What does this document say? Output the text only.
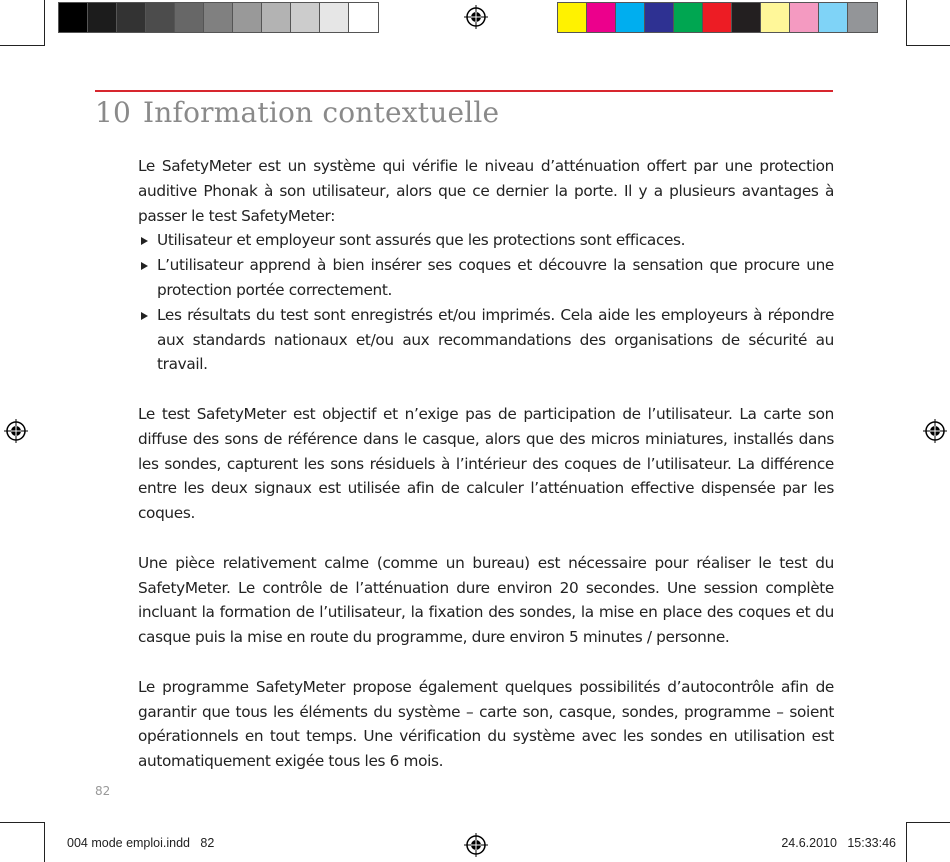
10 Information contextuelle

Le SafetyMeter est un système qui vérifie le niveau d’atténuation offert par une protection auditive Phonak à son utilisateur, alors que ce dernier la porte. Il y a plusieurs avantages à passer le test SafetyMeter:

Utilisateur et employeur sont assurés que les protections sont efficaces.
L’utilisateur apprend à bien insérer ses coques et découvre la sensation que procure une protection portée correctement.
Les résultats du test sont enregistrés et/ou imprimés. Cela aide les employeurs à répondre aux standards nationaux et/ou aux recommandations des organisations de sécurité au travail.

Le test SafetyMeter est objectif et n’exige pas de participation de l’utilisateur. La carte son diffuse des sons de référence dans le casque, alors que des micros miniatures, installés dans les sondes, capturent les sons résiduels à l’intérieur des coques de l’utilisateur. La différence entre les deux signaux est utilisée afin de calculer l’atténuation effective dispensée par les coques.

Une pièce relativement calme (comme un bureau) est nécessaire pour réaliser le test du SafetyMeter. Le contrôle de l’atténuation dure environ 20 secondes. Une session complète incluant la formation de l’utilisateur, la fixation des sondes, la mise en place des coques et du casque puis la mise en route du programme, dure environ 5 minutes / personne.

Le programme SafetyMeter propose également quelques possibilités d’autocontrôle afin de garantir que tous les éléments du système – carte son, casque, sondes, programme – soient opérationnels en tout temps. Une vérification du système avec les sondes en utilisation est automatiquement exigée tous les 6 mois.

82
004 mode emploi.indd   82	24.6.2010   15:33:46
